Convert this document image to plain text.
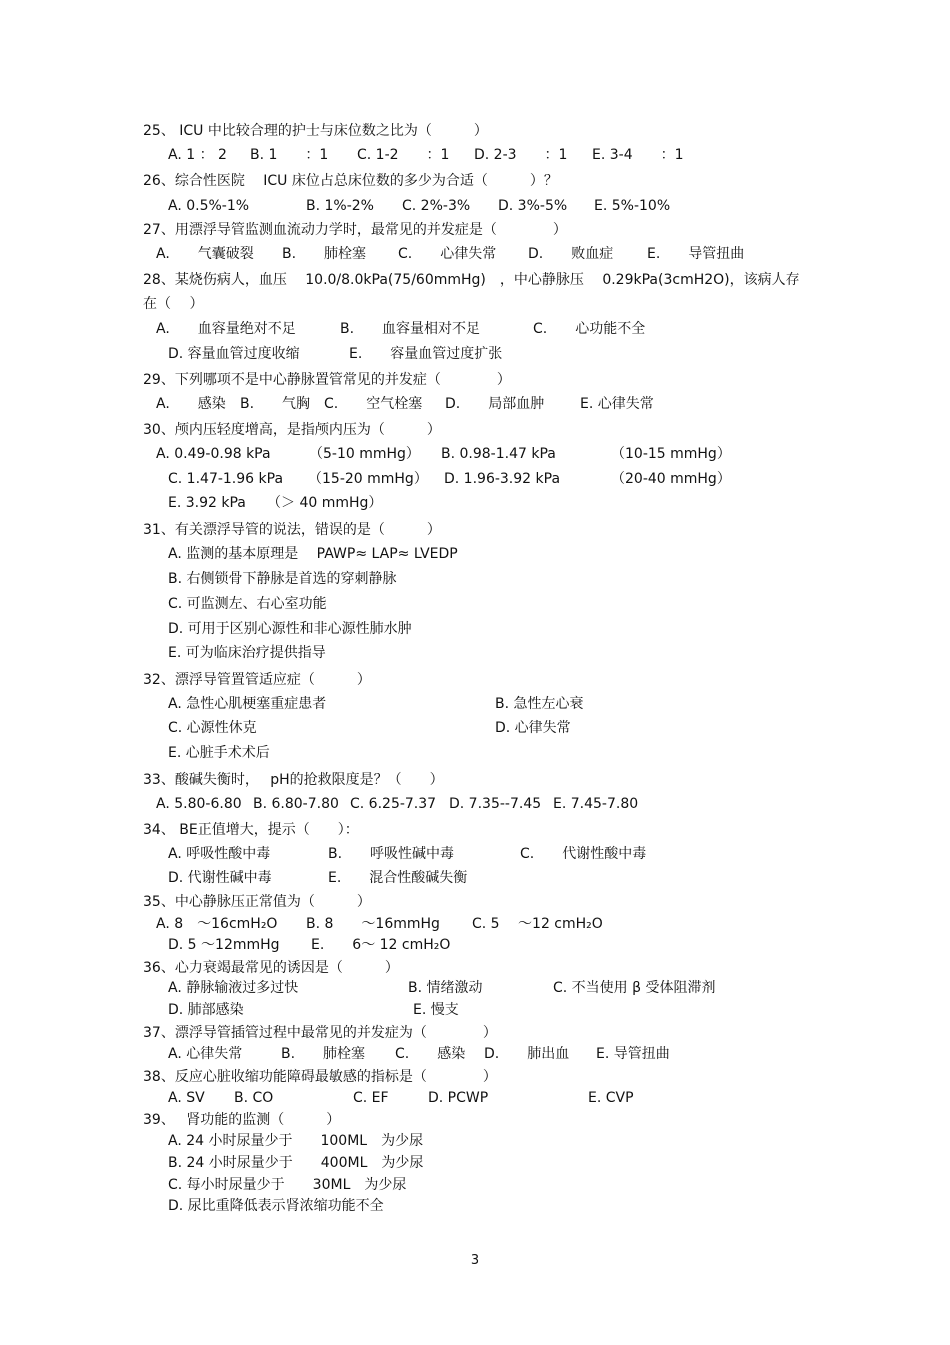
25、 ICU 中比较合理的护士与床位数之比为（　　　）
A. 1 ： 2 B. 1　　：1 C. 1-2　　：1 D. 2-3　　：1 E. 3-4　　：1
26、综合性医院　 ICU 床位占总床位数的多少为合适（　　　）？
A. 0.5%-1%	B. 1%-2% C. 2%-3% D. 3%-5% E. 5%-10%
27、用漂浮导管监测血流动力学时，最常见的并发症是（　　　　）
A.　　气囊破裂 B.　　肺栓塞 C.　　心律失常 D.　　败血症 E.　　导管扭曲
28、某烧伤病人，血压　 10.0/8.0kPa(75/60mmHg)　，中心静脉压　 0.29kPa(3cmH2O)，该病人存
在（　 ）
A.　　血容量绝对不足	B.　　血容量相对不足	C.　　心功能不全
D. 容量血管过度收缩	E.　　容量血管过度扩张
29、下列哪项不是中心静脉置管常见的并发症（　　　　）
A.　　感染 B.　　气胸 C.　　空气栓塞 D.　　局部血肿	E. 心律失常
30、颅内压轻度增高，是指颅内压为（　　　）
A. 0.49-0.98 kPa	（5-10 mmHg） B. 0.98-1.47 kPa	（10-15 mmHg）
C. 1.47-1.96 kPa （15-20 mmHg） D. 1.96-3.92 kPa	（20-40 mmHg）
E. 3.92 kPa （＞ 40 mmHg）
31、有关漂浮导管的说法，错误的是（　　　）
A. 监测的基本原理是　 PAWP≈ LAP≈ LVEDP
B. 右侧锁骨下静脉是首选的穿刺静脉
C. 可监测左、右心室功能
D. 可用于区别心源性和非心源性肺水肿
E. 可为临床治疗提供指导
32、漂浮导管置管适应症（　　　）
A. 急性心肌梗塞重症患者	B. 急性左心衰
C. 心源性休克	D. 心律失常
E. 心脏手术术后
33、酸碱失衡时，　 pH的抢救限度是？（　　）
A. 5.80-6.80 B. 6.80-7.80 C. 6.25-7.37 D. 7.35--7.45 E. 7.45-7.80
34、 BE正值增大，提示（　　）：
A. 呼吸性酸中毒	B.　　呼吸性碱中毒	C.　　代谢性酸中毒
D. 代谢性碱中毒	E.　　混合性酸碱失衡
35、中心静脉压正常值为（　　　）
A. 8　～16cmH₂O B. 8　　～16mmHg C. 5　 ～12 cmH₂O
D. 5 ～12mmHg E.　　6～ 12 cmH₂O
36、心力衰竭最常见的诱因是（　　　）
A. 静脉输液过多过快	B. 情绪激动	C. 不当使用 β 受体阻滞剂
D. 肺部感染	E. 慢支
37、漂浮导管插管过程中最常见的并发症为（　　　　）
A. 心律失常	B.　　肺栓塞 C.　　感染 D.　　肺出血 E. 导管扭曲
38、反应心脏收缩功能障碍最敏感的指标是（　　　　）
A. SV B. CO	C. EF	D. PCWP	E. CVP
39、　 肾功能的监测（　　　）
A. 24 小时尿量少于　　100ML　为少尿
B. 24 小时尿量少于　　400ML　为少尿
C. 每小时尿量少于　　30ML　为少尿
D. 尿比重降低表示肾浓缩功能不全
3
